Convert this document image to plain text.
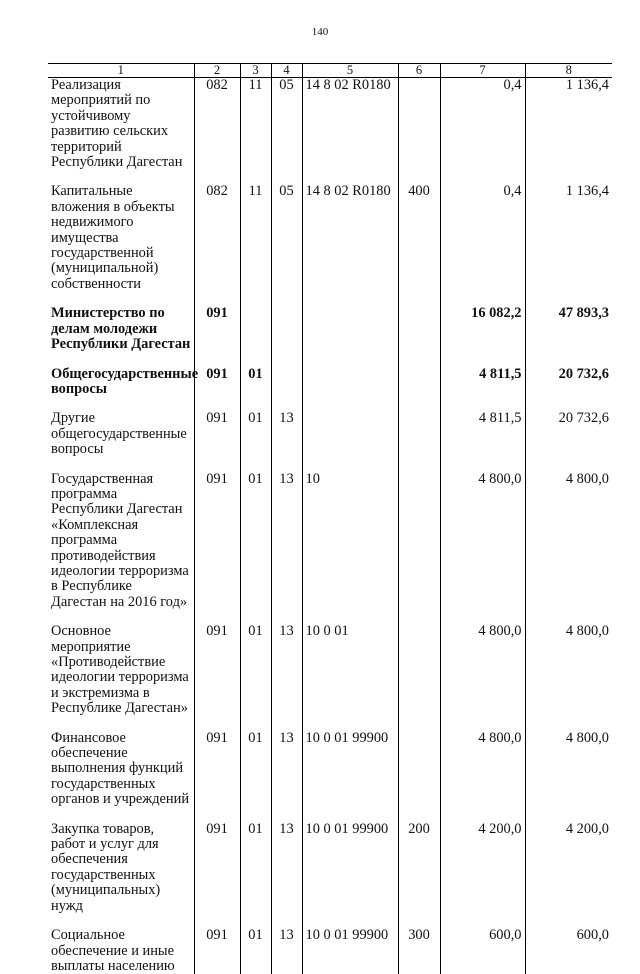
140
1	2	3	4	5	6	7	8
Реализация мероприятий по устойчивому развитию сельских территорий Республики Дагестан	082	11	05	14 8 02 R0180		0,4	1 136,4

Капитальные вложения в объекты недвижимого имущества государственной (муниципальной) собственности	082	11	05	14 8 02 R0180	400	0,4	1 136,4

Министерство по делам молодежи Республики Дагестан	091					16 082,2	47 893,3

Общегосударственные вопросы	091	01				4 811,5	20 732,6

Другие общегосударственные вопросы	091	01	13			4 811,5	20 732,6

Государственная программа Республики Дагестан «Комплексная программа противодействия идеологии терроризма в Республике Дагестан на 2016 год»	091	01	13	10		4 800,0	4 800,0

Основное мероприятие «Противодействие идеологии терроризма и экстремизма в Республике Дагестан»	091	01	13	10 0 01		4 800,0	4 800,0

Финансовое обеспечение выполнения функций государственных органов и учреждений	091	01	13	10 0 01 99900		4 800,0	4 800,0

Закупка товаров, работ и услуг для обеспечения государственных (муниципальных) нужд	091	01	13	10 0 01 99900	200	4 200,0	4 200,0

Социальное обеспечение и иные выплаты населению	091	01	13	10 0 01 99900	300	600,0	600,0
